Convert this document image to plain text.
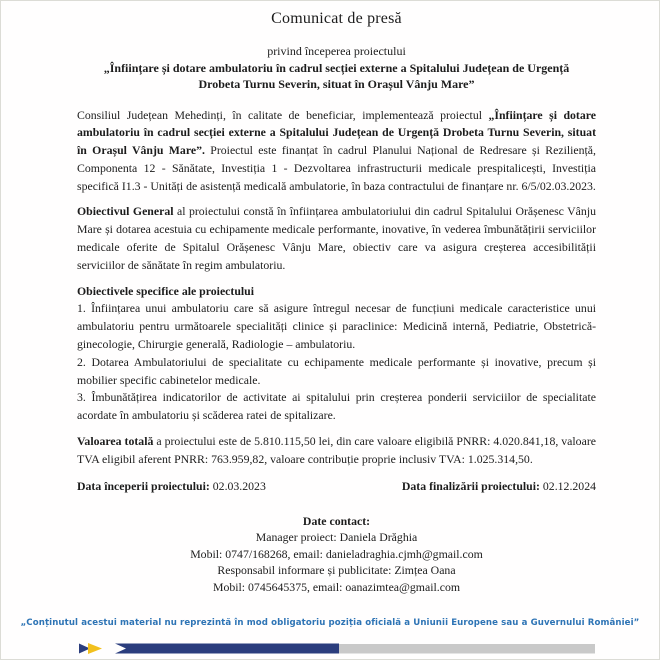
Comunicat de presă
privind începerea proiectului
„Înființare și dotare ambulatoriu în cadrul secției externe a Spitalului Județean de Urgență
Drobeta Turnu Severin, situat în Orașul Vânju Mare”

Consiliul Județean Mehedinți, în calitate de beneficiar, implementează proiectul „Înființare și dotare ambulatoriu în cadrul secției externe a Spitalului Județean de Urgență Drobeta Turnu Severin, situat în Orașul Vânju Mare”. Proiectul este finanțat în cadrul Planului Național de Redresare și Reziliență, Componenta 12 - Sănătate, Investiția 1 - Dezvoltarea infrastructurii medicale prespitalicești, Investiția specifică I1.3 - Unități de asistență medicală ambulatorie, în baza contractului de finanțare nr. 6/5/02.03.2023.

Obiectivul General al proiectului constă în înființarea ambulatoriului din cadrul Spitalului Orășenesc Vânju Mare și dotarea acestuia cu echipamente medicale performante, inovative, în vederea îmbunătățirii serviciilor medicale oferite de Spitalul Orășenesc Vânju Mare, obiectiv care va asigura creșterea accesibilității serviciilor de sănătate în regim ambulatoriu.

Obiectivele specifice ale proiectului

1. Înființarea unui ambulatoriu care să asigure întregul necesar de funcțiuni medicale caracteristice unui ambulatoriu pentru următoarele specialități clinice și paraclinice: Medicină internă, Pediatrie, Obstetrică-ginecologie, Chirurgie generală, Radiologie – ambulatoriu.

2. Dotarea Ambulatoriului de specialitate cu echipamente medicale performante și inovative, precum și mobilier specific cabinetelor medicale.

3. Îmbunătățirea indicatorilor de activitate ai spitalului prin creșterea ponderii serviciilor de specialitate acordate în ambulatoriu și scăderea ratei de spitalizare.

Valoarea totală a proiectului este de 5.810.115,50 lei, din care valoare eligibilă PNRR: 4.020.841,18, valoare TVA eligibil aferent PNRR: 763.959,82, valoare contribuție proprie inclusiv TVA: 1.025.314,50.

Data începerii proiectului: 02.03.2023	Data finalizării proiectului: 02.12.2024
Date contact:
Manager proiect: Daniela Drăghia
Mobil: 0747/168268, email: danieladraghia.cjmh@gmail.com
Responsabil informare și publicitate: Zimțea Oana
Mobil: 0745645375, email: oanazimtea@gmail.com
„Conținutul acestui material nu reprezintă în mod obligatoriu poziția oficială a Uniunii Europene sau a Guvernului României”
